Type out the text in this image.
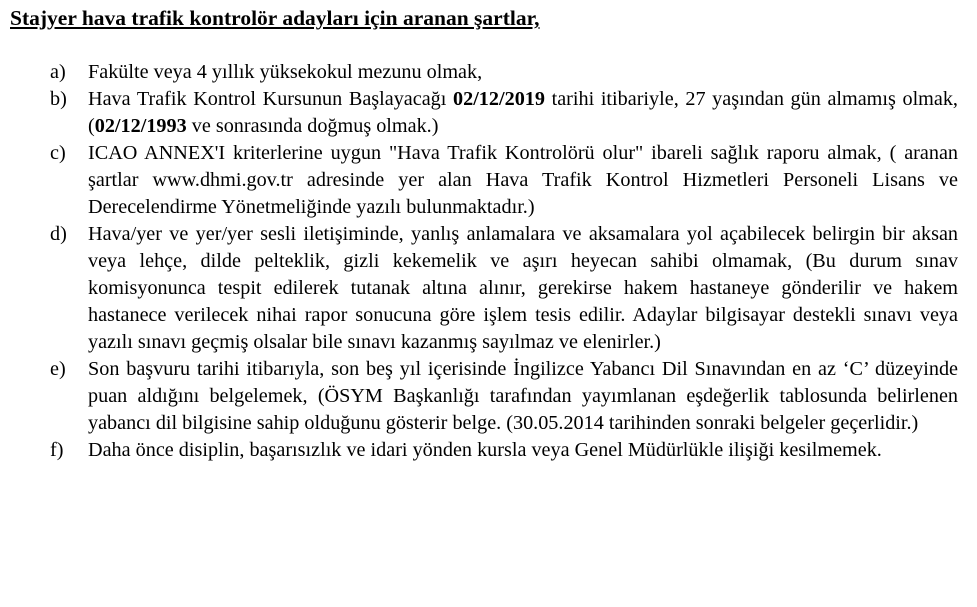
Stajyer hava trafik kontrolör adayları için aranan şartlar,
a) Fakülte veya 4 yıllık yüksekokul mezunu olmak,
b) Hava Trafik Kontrol Kursunun Başlayacağı 02/12/2019 tarihi itibariyle, 27 yaşından gün almamış olmak, (02/12/1993 ve sonrasında doğmuş olmak.)
c) ICAO ANNEX'I kriterlerine uygun "Hava Trafik Kontrolörü olur" ibareli sağlık raporu almak, ( aranan şartlar www.dhmi.gov.tr adresinde yer alan Hava Trafik Kontrol Hizmetleri Personeli Lisans ve Derecelendirme Yönetmeliğinde yazılı bulunmaktadır.)
d) Hava/yer ve yer/yer sesli iletişiminde, yanlış anlamalara ve aksamalara yol açabilecek belirgin bir aksan veya lehçe, dilde pelteklik, gizli kekemelik ve aşırı heyecan sahibi olmamak, (Bu durum sınav komisyonunca tespit edilerek tutanak altına alınır, gerekirse hakem hastaneye gönderilir ve hakem hastanece verilecek nihai rapor sonucuna göre işlem tesis edilir. Adaylar bilgisayar destekli sınavı veya yazılı sınavı geçmiş olsalar bile sınavı kazanmış sayılmaz ve elenirler.)
e) Son başvuru tarihi itibarıyla, son beş yıl içerisinde İngilizce Yabancı Dil Sınavından en az ‘C’ düzeyinde puan aldığını belgelemek, (ÖSYM Başkanlığı tarafından yayımlanan eşdeğerlik tablosunda belirlenen yabancı dil bilgisine sahip olduğunu gösterir belge. (30.05.2014 tarihinden sonraki belgeler geçerlidir.)
f) Daha önce disiplin, başarısızlık ve idari yönden kursla veya Genel Müdürlükle ilişiği kesilmemek.
